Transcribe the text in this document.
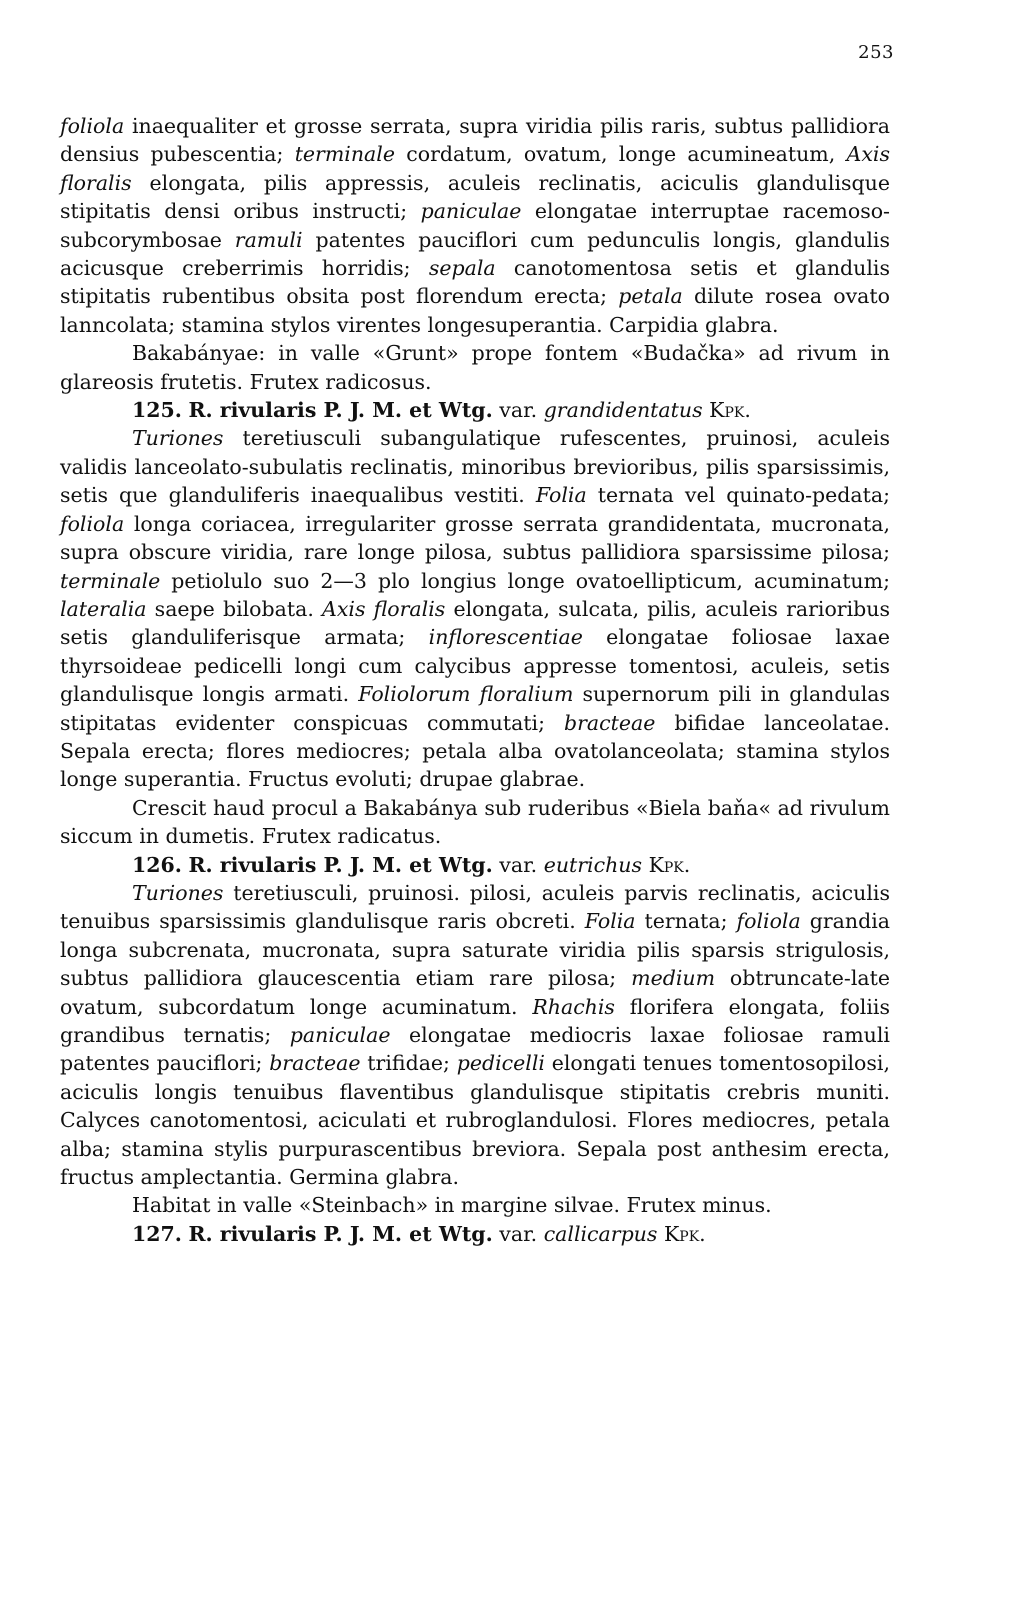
253

foliola inaequaliter et grosse serrata, supra viridia pilis raris, subtus pallidiora densius pubescentia; terminale cordatum, ovatum, longe acumineatum, Axis floralis elongata, pilis appressis, aculeis reclinatis, aciculis glandulisque stipitatis densi oribus instructi; paniculae elongatae interruptae racemoso-subcorymbosae ramuli patentes pauciflori cum pedunculis longis, glandulis acicusque creberrimis horridis; sepala canotomentosa setis et glandulis stipitatis rubentibus obsita post florendum erecta; petala dilute rosea ovato lanncolata; stamina stylos virentes longesuperantia. Carpidia glabra.

Bakabányae: in valle «Grunt» prope fontem «Budačka» ad rivum in glareosis frutetis. Frutex radicosus.

125. R. rivularis P. J. M. et Wtg. var. grandidentatus Kpk.

Turiones teretiusculi subangulatique rufescentes, pruinosi, aculeis validis lanceolato-subulatis reclinatis, minoribus brevioribus, pilis sparsissimis, setis que glanduliferis inaequalibus vestiti. Folia ternata vel quinato-pedata; foliola longa coriacea, irregulariter grosse serrata grandidentata, mucronata, supra obscure viridia, rare longe pilosa, subtus pallidiora sparsissime pilosa; terminale petiolulo suo 2—3 plo longius longe ovatoellipticum, acuminatum; lateralia saepe bilobata. Axis floralis elongata, sulcata, pilis, aculeis rarioribus setis glanduliferisque armata; inflorescentiae elongatae foliosae laxae thyrsoideae pedicelli longi cum calycibus appresse tomentosi, aculeis, setis glandulisque longis armati. Foliolorum floralium supernorum pili in glandulas stipitatas evidenter conspicuas commutati; bracteae bifidae lanceolatae. Sepala erecta; flores mediocres; petala alba ovatolanceolata; stamina stylos longe superantia. Fructus evoluti; drupae glabrae.

Crescit haud procul a Bakabánya sub ruderibus «Biela baňa« ad rivulum siccum in dumetis. Frutex radicatus.

126. R. rivularis P. J. M. et Wtg. var. eutrichus Kpk.

Turiones teretiusculi, pruinosi. pilosi, aculeis parvis reclinatis, aciculis tenuibus sparsissimis glandulisque raris obcreti. Folia ternata; foliola grandia longa subcrenata, mucronata, supra saturate viridia pilis sparsis strigulosis, subtus pallidiora glaucescentia etiam rare pilosa; medium obtruncate-late ovatum, subcordatum longe acuminatum. Rhachis florifera elongata, foliis grandibus ternatis; paniculae elongatae mediocris laxae foliosae ramuli patentes pauciflori; bracteae trifidae; pedicelli elongati tenues tomentosopilosi, aciculis longis tenuibus flaventibus glandulisque stipitatis crebris muniti. Calyces canotomentosi, aciculati et rubroglandulosi. Flores mediocres, petala alba; stamina stylis purpurascentibus breviora. Sepala post anthesim erecta, fructus amplectantia. Germina glabra.

Habitat in valle «Steinbach» in margine silvae. Frutex minus.

127. R. rivularis P. J. M. et Wtg. var. callicarpus Kpk.
